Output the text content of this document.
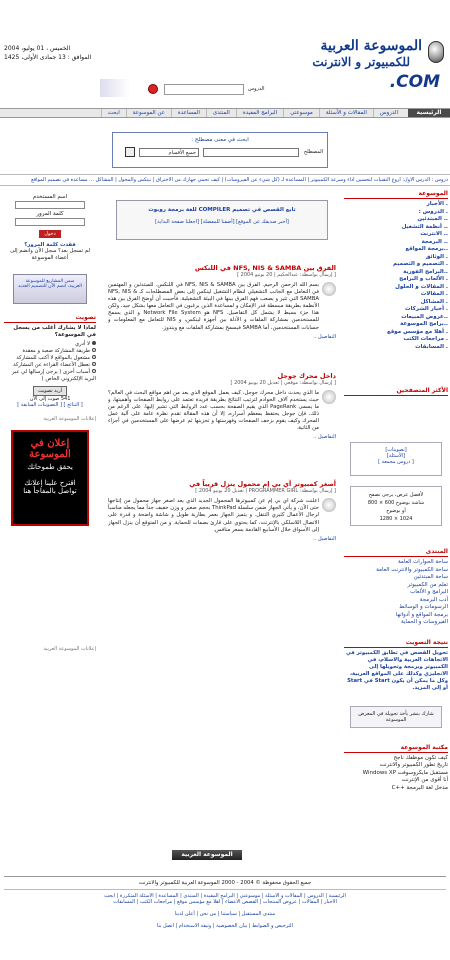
الموسوعة العربية
للكمبيوتر و الانترنت
.COM
الخميس ، 01 يوليو، 2004
الموافق : 13 جمادى الأولى، 1425
الدروس
الرئيسية
الدروس
المقالات و الأسئلة
موسوعتي
البرامج المفيدة
المنتدى
المساعدة
عن الموسوعة
ابحث
ابحث في معنى مصطلح :
جميع الأقسام	المصطلح
دروس : الدرس الأول: أروع التقنيات لتحسين أداء وسرعة الكمبيوتر | المساعدة لـ (كل شيء عن الفيروسات) | كيف تحمي جهازك من الاختراق | نيتكس والمحول | المشاكل ... مساعدة في تصميم المواقع
الموسوعة
. الأخبار
. الدروس :
.. المبتدئين
.. أنظمة التشغيل
.. الانترنت
.. البرمجة
..برمجة المواقع
. الوثائق
. التصميم و التصميم
..البرامج الفورية
. الألعاب و البرامج
. المقالات و الحلول
. المقالات
. المشاكل
. أخبار الشركات
..عروض المبيعات
..برامج الموسوعة
. أهلا مع مؤسس موقع
. مراجعات الكتب
. المسابقات
الأكثر المتصفحين
[تصويتات]
[الأسئلة]
[ دروس مجمعة ]
لأفضل عرض، يرجى تصفح
شاشة بوضوح 600 × 800
أو بوضوح
1280 × 1024
المنتدى
ساحة الحوارات العامة
ساحة الكمبيوتر والانترنت العامة
ساحة المبتدئين
تعلم من الكمبيوتر
البرامج و الألعاب
أدب البرمجة
الرسومات و الوسائط
برمجة المواقع و أدواتها
الفيروسات و الحماية
نتيجة التصويت
تحويل القصص في تطابق الكمبيوتر في الاتجاهات العربية والاسلام، في الكمبيوتر وبرمجة وتحويلها إلى الانجليزي وكذلك على المواقع العربية، وكل ما يمكن أن يكون Start في Start أو إلى المزيد.
شارك بنشر بأخذ تحويلة في المعرض الموسوعة
مكتبة الموسوعة
كيف تكون موظفك ناجح
تاريخ تطور الكمبيوتر والانترنت
مستقبل مايكروسوفت Windows XP
أنا أقوى من الإنترنت
مدخل لغة البرمجة ++C
اسم المستخدم
كلمة المرور
دخول
فقدت كلمة المرور؟
لم تسجل بعد؟ سجل الآن وانضم إلى أعضاء الموسوعة
ضمن المشاريع للموسوعة العربية، انضم الآن للتصميم الجديد
تصويت
لماذا لا يشارك أغلب من يسجل في الموسوعة؟
لا أدري
طريقة المشاركة صعبة و معقدة
مشغول بالمواقع لا أكتب للمشاركة
تعطل الأعضاء القراءة عن المشاركة
أسباب أخرى ( يرجى إرسالها لي عبر البريد الإلكتروني الخاص )
أريد تصويت
541 صوت إلى الآن
[ النتائج ] [ التصويتات السابقة ]
إعلانات الموسوعة العربية
إعلان في
الموسوعة
يحقق طموحاتك
اقترح علينا إعلانك
تواصل بالمفاجأ هنا
إعلانات الموسوعة العربية
تابع القصص في تصميم COMPILER للغة برمجة روبوت
[أخبر صديقك عن الموقع] [أضفنا للمفضلة] [اجعلنا صفحة البداية]
الفرق بين NFS, NIS & SAMBA في اللنكس
[ إرسال بواسطة: عبدالحكيم | 20 يونيو 2004 ]
بسم الله الرحمن الرحيم. الفرق بين NFS, NIS & SAMBA في اللنكس. للمبتدئين و المهتمين في التعامل مع الجانب التشغيلي لنظام التشغيل لينكس إلى بعض المصطلحات كـ NFS, NIS & SAMBA التي تثير و يصعب فهم الفرق بينها في البيئة التشغيلية. فأحببت أن أوضح الفرق بين هذه الأنظمة بطريقة مبسطة قدر الإمكان و لمساعدة الذين يرغبون في التعامل معها بشكل جيد، ولكن هذا جزء بسيط لا يشمل كل التفاصيل. NFS هو Network File System و الذي يسمح للمستخدمين بمشاركة الملفات و الأدلة بين أجهزة لينكس، و NIS للتعامل مع المعلومات و حسابات المستخدمين، أما SAMBA فيسمح بمشاركة الملفات مع ويندوز.
التفاصيل ..
داخل محرك جوجل
[ إرسال بواسطة: موقعي | تعديل 20 يونيو 2004 ]
ما الذي يحدث داخل محرك جوجل، كيف يعمل الموقع الذي يعد من أهم مواقع البحث في العالم؟ حيث يستخدم آلاف الخوادم لترتيب النتائج بطريقة فريدة تعتمد على روابط الصفحات وأهميتها، و ما يسمى PageRank الذي يقيم الصفحة بحسب عدد الروابط التي تشير إليها. على الرغم من ذلك، فإن جوجل يحتفظ بمعظم أسراره، إلا أن هذه المقالة تقدم نظرة عامة على آلية عمل المحرك وكيف يقوم بزحف الصفحات وفهرستها و تخزينها ثم عرضها على المستخدمين في أجزاء من الثانية.
التفاصيل ..
أصغر كمبيوتر آي بي إم محمول ينزل قريباً في
[ إرسال بواسطة: PROGRAMMER GIRL | تعديل 20 يونيو 2004 ]
أعلنت شركة آي بي إم عن كمبيوترها المحمول الجديد الذي يعد أصغر جهاز محمول من إنتاجها حتى الآن، و يأتي الجهاز ضمن سلسلة ThinkPad بحجم صغير و وزن خفيف جداً مما يجعله مناسباً لرجال الأعمال كثيري التنقل. و يتميز الجهاز بعمر بطارية طويل و شاشة واضحة و قدرة على الاتصال اللاسلكي بالإنترنت، كما يحتوي على قارئ بصمات للحماية. و من المتوقع أن ينزل الجهاز إلى الأسواق خلال الأسابيع القادمة بسعر منافس.
التفاصيل ..
الموسوعة العربية
جميع الحقوق محفوظة © 2004 - 2000 الموسوعة العربية للكمبيوتر والانترنت
الرئيسية | الدروس | المقالات و الأسئلة | موسوعتي | البرامج المفيدة | المنتدى | المساعدة | الأسئلة المتكررة | ابحث
الأخبار | المقالات | عروض المنتجات | القصص الأعضاء | أهلا مع مؤسس موقع | مراجعات الكتب | المسابقات
منتدى المستقبل | سياستنا | من نحن | أعلن لدينا
الترخيص و الضوابط | بيان الخصوصية | وثيقة الاستخدام | اتصل بنا
